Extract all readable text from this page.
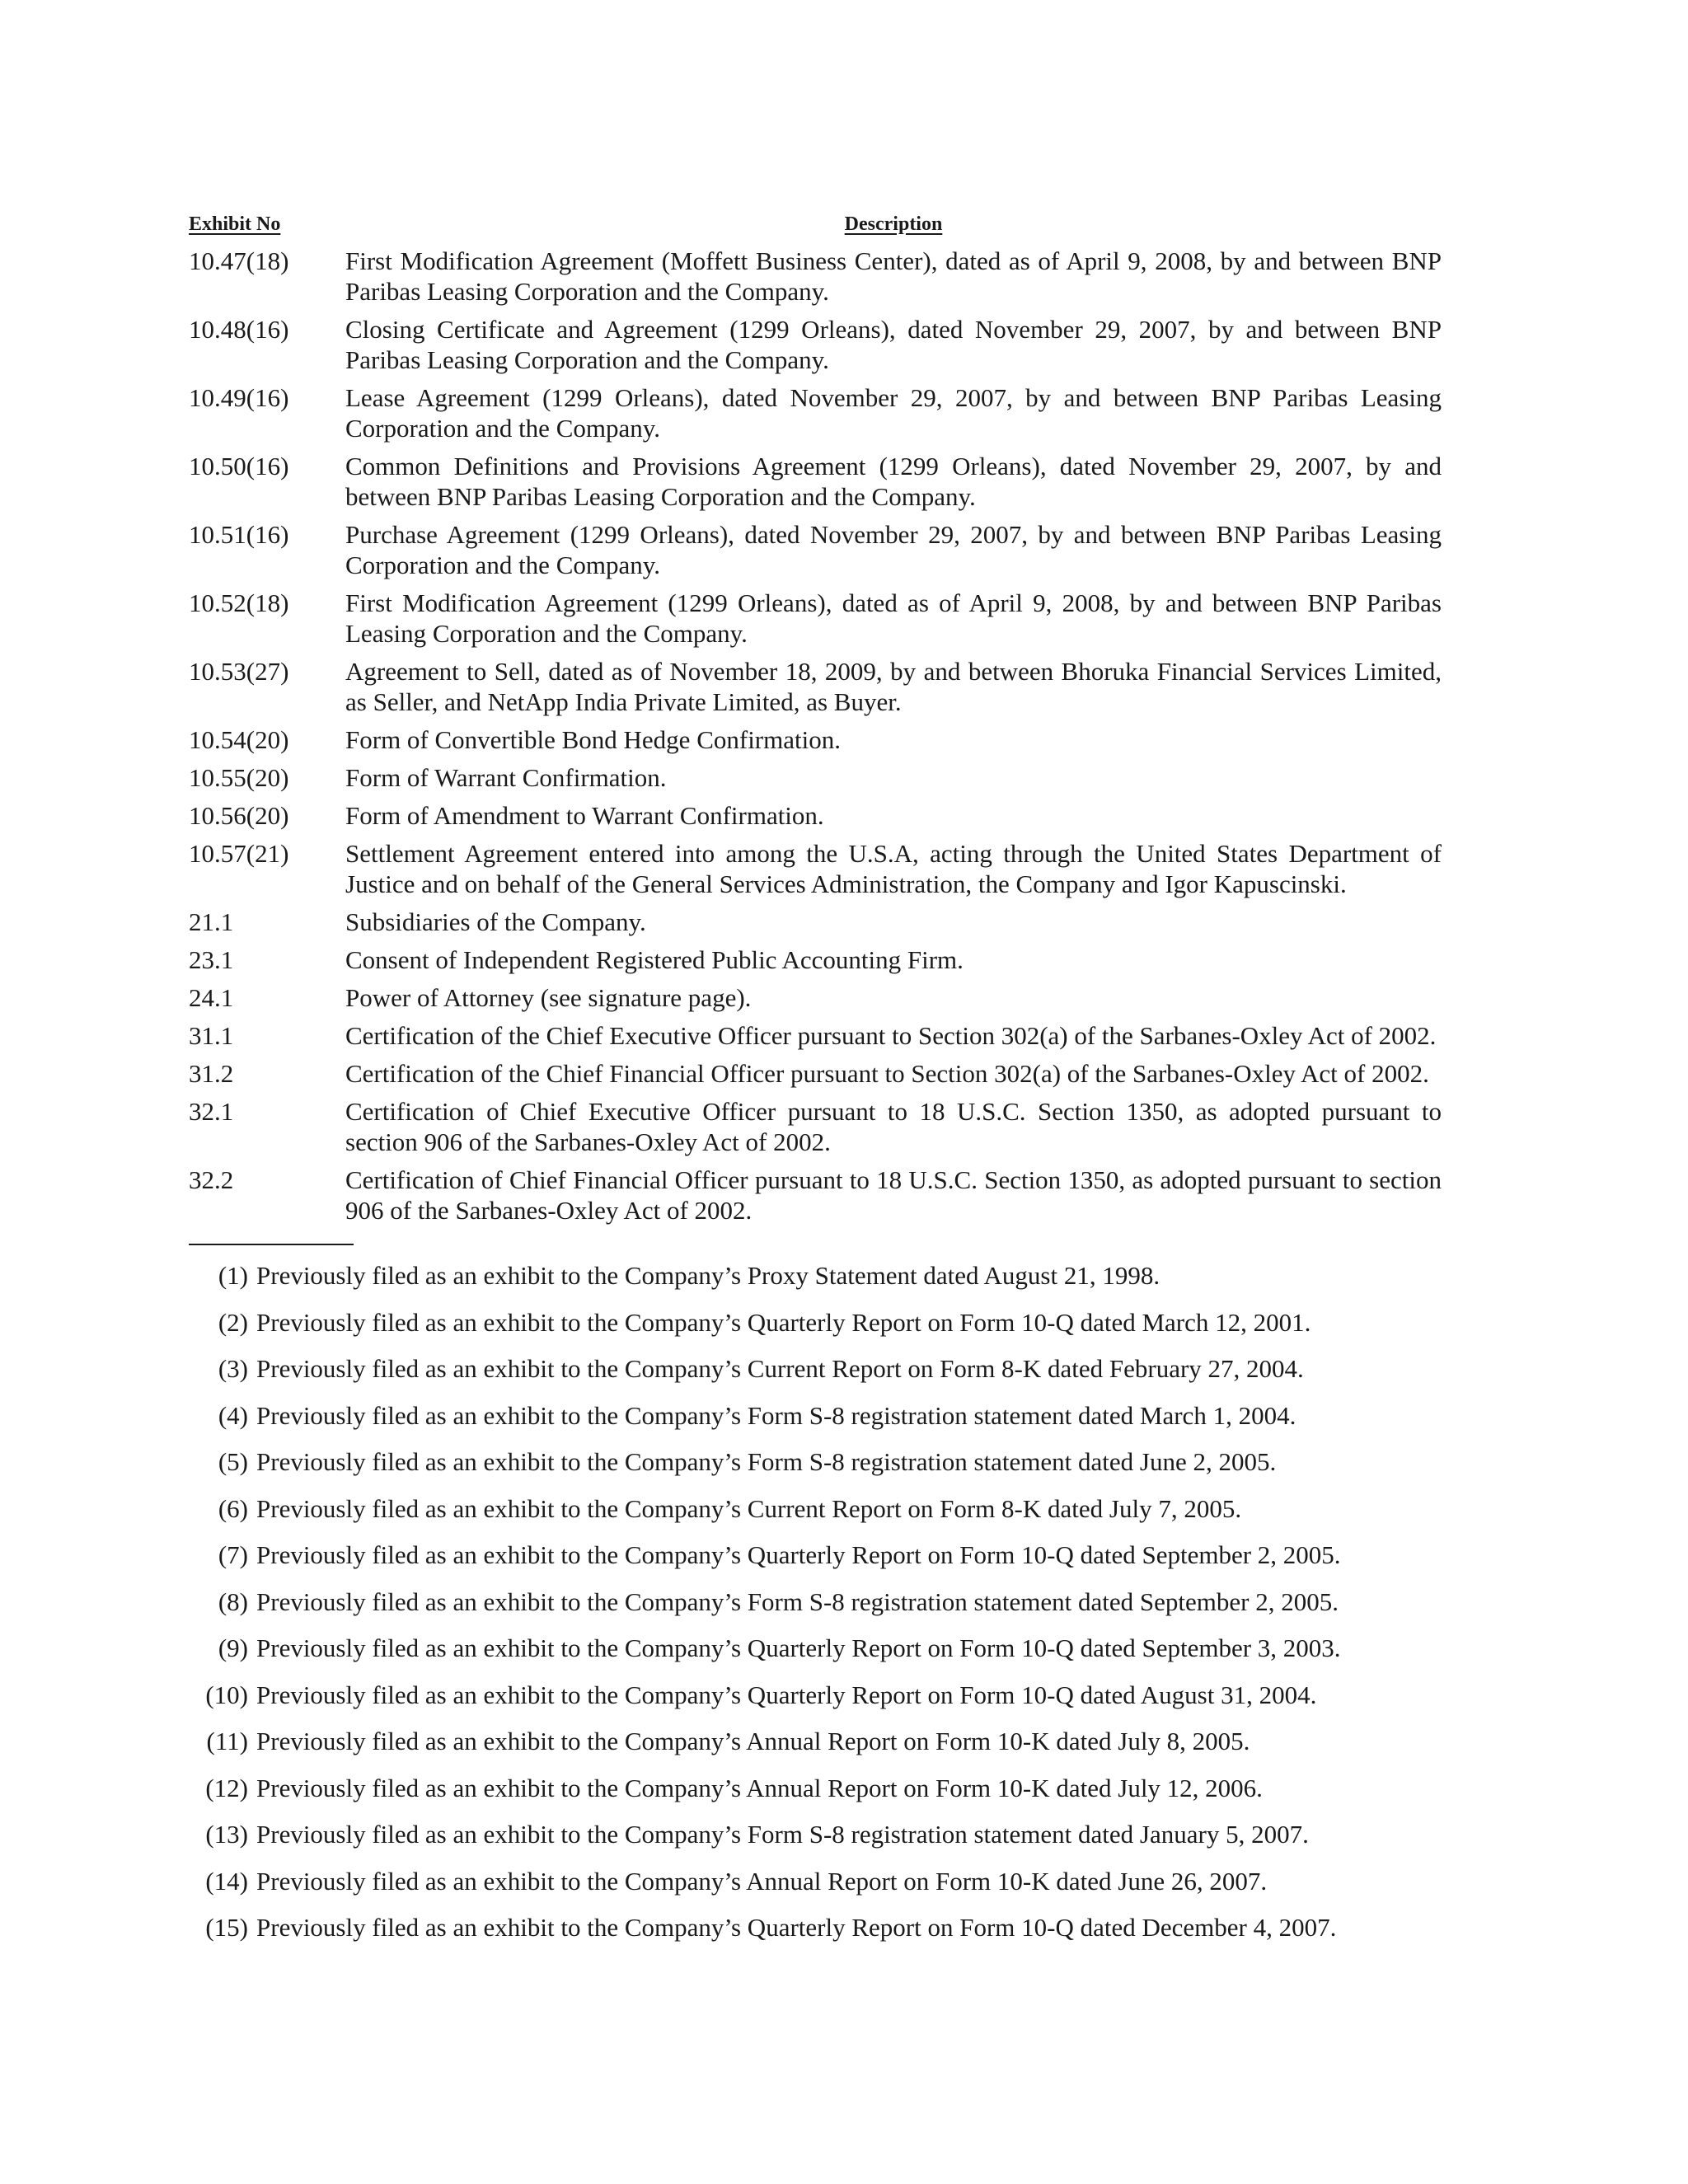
Exhibit No	Description
10.47(18)	First Modification Agreement (Moffett Business Center), dated as of April 9, 2008, by and between BNP Paribas Leasing Corporation and the Company.
10.48(16)	Closing Certificate and Agreement (1299 Orleans), dated November 29, 2007, by and between BNP Paribas Leasing Corporation and the Company.
10.49(16)	Lease Agreement (1299 Orleans), dated November 29, 2007, by and between BNP Paribas Leasing Corporation and the Company.
10.50(16)	Common Definitions and Provisions Agreement (1299 Orleans), dated November 29, 2007, by and between BNP Paribas Leasing Corporation and the Company.
10.51(16)	Purchase Agreement (1299 Orleans), dated November 29, 2007, by and between BNP Paribas Leasing Corporation and the Company.
10.52(18)	First Modification Agreement (1299 Orleans), dated as of April 9, 2008, by and between BNP Paribas Leasing Corporation and the Company.
10.53(27)	Agreement to Sell, dated as of November 18, 2009, by and between Bhoruka Financial Services Limited, as Seller, and NetApp India Private Limited, as Buyer.
10.54(20)	Form of Convertible Bond Hedge Confirmation.
10.55(20)	Form of Warrant Confirmation.
10.56(20)	Form of Amendment to Warrant Confirmation.
10.57(21)	Settlement Agreement entered into among the U.S.A, acting through the United States Department of Justice and on behalf of the General Services Administration, the Company and Igor Kapuscinski.
21.1	Subsidiaries of the Company.
23.1	Consent of Independent Registered Public Accounting Firm.
24.1	Power of Attorney (see signature page).
31.1	Certification of the Chief Executive Officer pursuant to Section 302(a) of the Sarbanes-Oxley Act of 2002.
31.2	Certification of the Chief Financial Officer pursuant to Section 302(a) of the Sarbanes-Oxley Act of 2002.
32.1	Certification of Chief Executive Officer pursuant to 18 U.S.C. Section 1350, as adopted pursuant to section 906 of the Sarbanes-Oxley Act of 2002.
32.2	Certification of Chief Financial Officer pursuant to 18 U.S.C. Section 1350, as adopted pursuant to section 906 of the Sarbanes-Oxley Act of 2002.
(1) Previously filed as an exhibit to the Company’s Proxy Statement dated August 21, 1998.
(2) Previously filed as an exhibit to the Company’s Quarterly Report on Form 10-Q dated March 12, 2001.
(3) Previously filed as an exhibit to the Company’s Current Report on Form 8-K dated February 27, 2004.
(4) Previously filed as an exhibit to the Company’s Form S-8 registration statement dated March 1, 2004.
(5) Previously filed as an exhibit to the Company’s Form S-8 registration statement dated June 2, 2005.
(6) Previously filed as an exhibit to the Company’s Current Report on Form 8-K dated July 7, 2005.
(7) Previously filed as an exhibit to the Company’s Quarterly Report on Form 10-Q dated September 2, 2005.
(8) Previously filed as an exhibit to the Company’s Form S-8 registration statement dated September 2, 2005.
(9) Previously filed as an exhibit to the Company’s Quarterly Report on Form 10-Q dated September 3, 2003.
(10) Previously filed as an exhibit to the Company’s Quarterly Report on Form 10-Q dated August 31, 2004.
(11) Previously filed as an exhibit to the Company’s Annual Report on Form 10-K dated July 8, 2005.
(12) Previously filed as an exhibit to the Company’s Annual Report on Form 10-K dated July 12, 2006.
(13) Previously filed as an exhibit to the Company’s Form S-8 registration statement dated January 5, 2007.
(14) Previously filed as an exhibit to the Company’s Annual Report on Form 10-K dated June 26, 2007.
(15) Previously filed as an exhibit to the Company’s Quarterly Report on Form 10-Q dated December 4, 2007.
